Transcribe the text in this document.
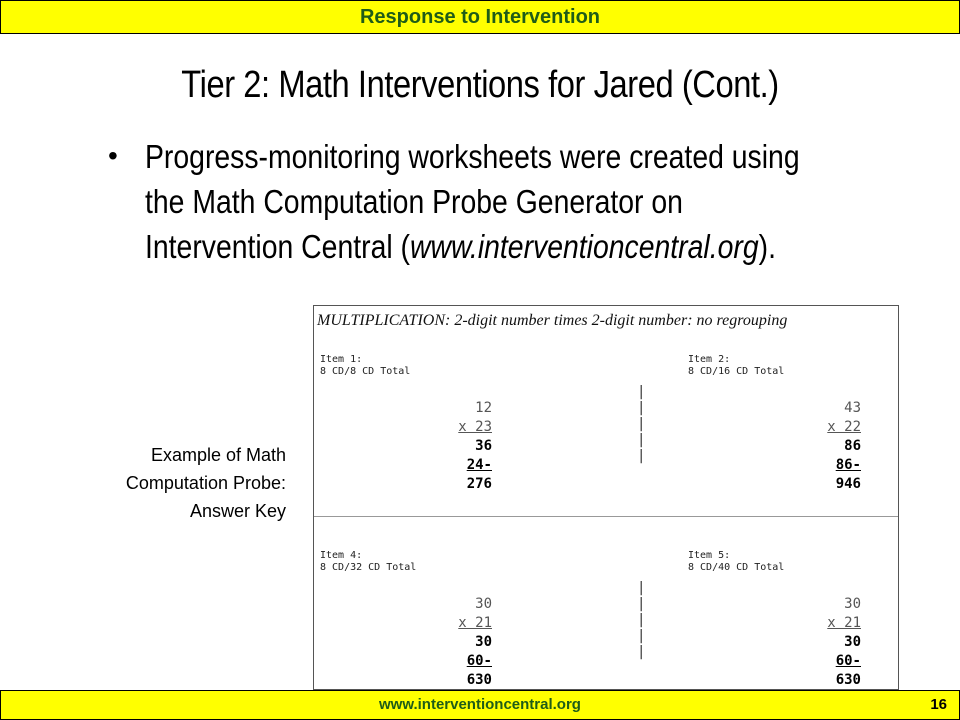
Response to Intervention
Tier 2: Math Interventions for Jared (Cont.)
• Progress-monitoring worksheets were created using the Math Computation Probe Generator on Intervention Central (www.interventioncentral.org).
Example of Math Computation Probe: Answer Key
MULTIPLICATION: 2-digit number times 2-digit number: no regrouping
Item 1:
8 CD/8 CD Total
12
x 23
36
24-
276
Item 2:
8 CD/16 CD Total
43
x 22
86
86-
946
|
|
|
|
|
Item 4:
8 CD/32 CD Total
30
x 21
30
60-
630
Item 5:
8 CD/40 CD Total
30
x 21
30
60-
630
|
|
|
|
|
www.interventioncentral.org	16
